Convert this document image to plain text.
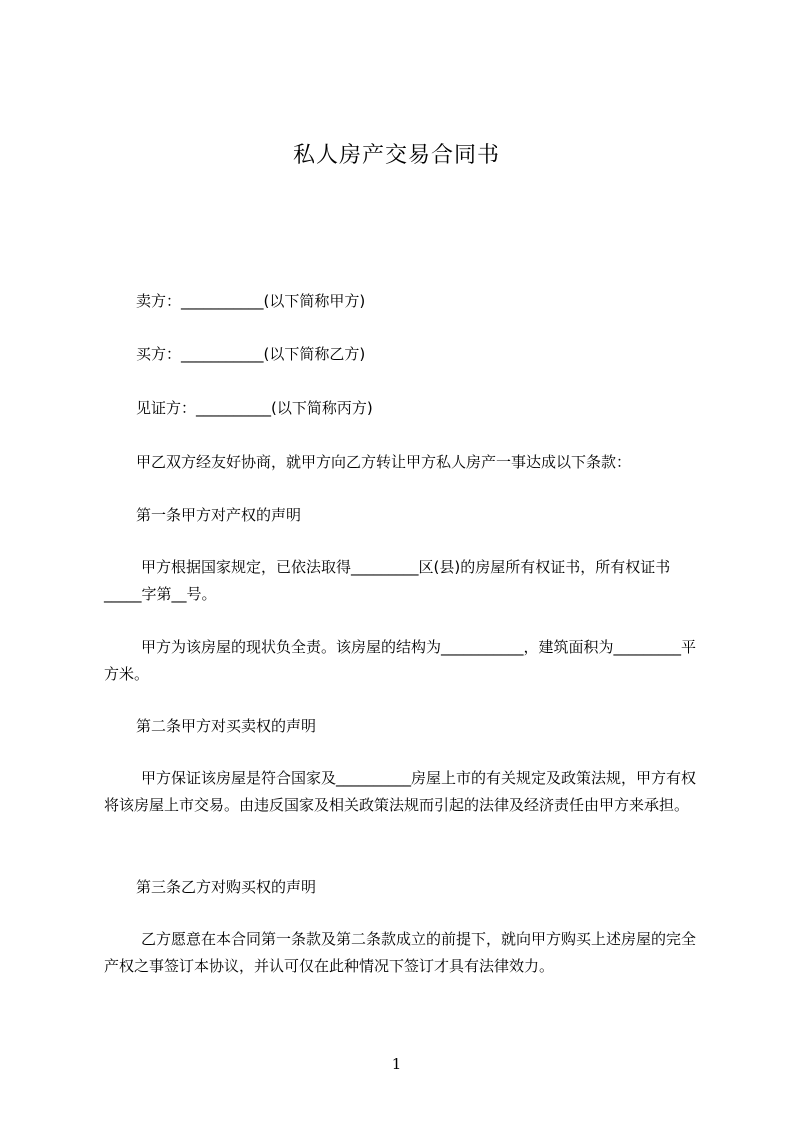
私人房产交易合同书
卖方：___________(以下简称甲方)
买方：___________(以下简称乙方)
见证方：__________(以下简称丙方)
甲乙双方经友好协商，就甲方向乙方转让甲方私人房产一事达成以下条款：
第一条甲方对产权的声明
甲方根据国家规定，已依法取得_________区(县)的房屋所有权证书，所有权证书_____字第__号。
甲方为该房屋的现状负全责。该房屋的结构为___________，建筑面积为_________平方米。
第二条甲方对买卖权的声明
甲方保证该房屋是符合国家及__________房屋上市的有关规定及政策法规，甲方有权将该房屋上市交易。由违反国家及相关政策法规而引起的法律及经济责任由甲方来承担。
第三条乙方对购买权的声明
乙方愿意在本合同第一条款及第二条款成立的前提下，就向甲方购买上述房屋的完全产权之事签订本协议，并认可仅在此种情况下签订才具有法律效力。
1
